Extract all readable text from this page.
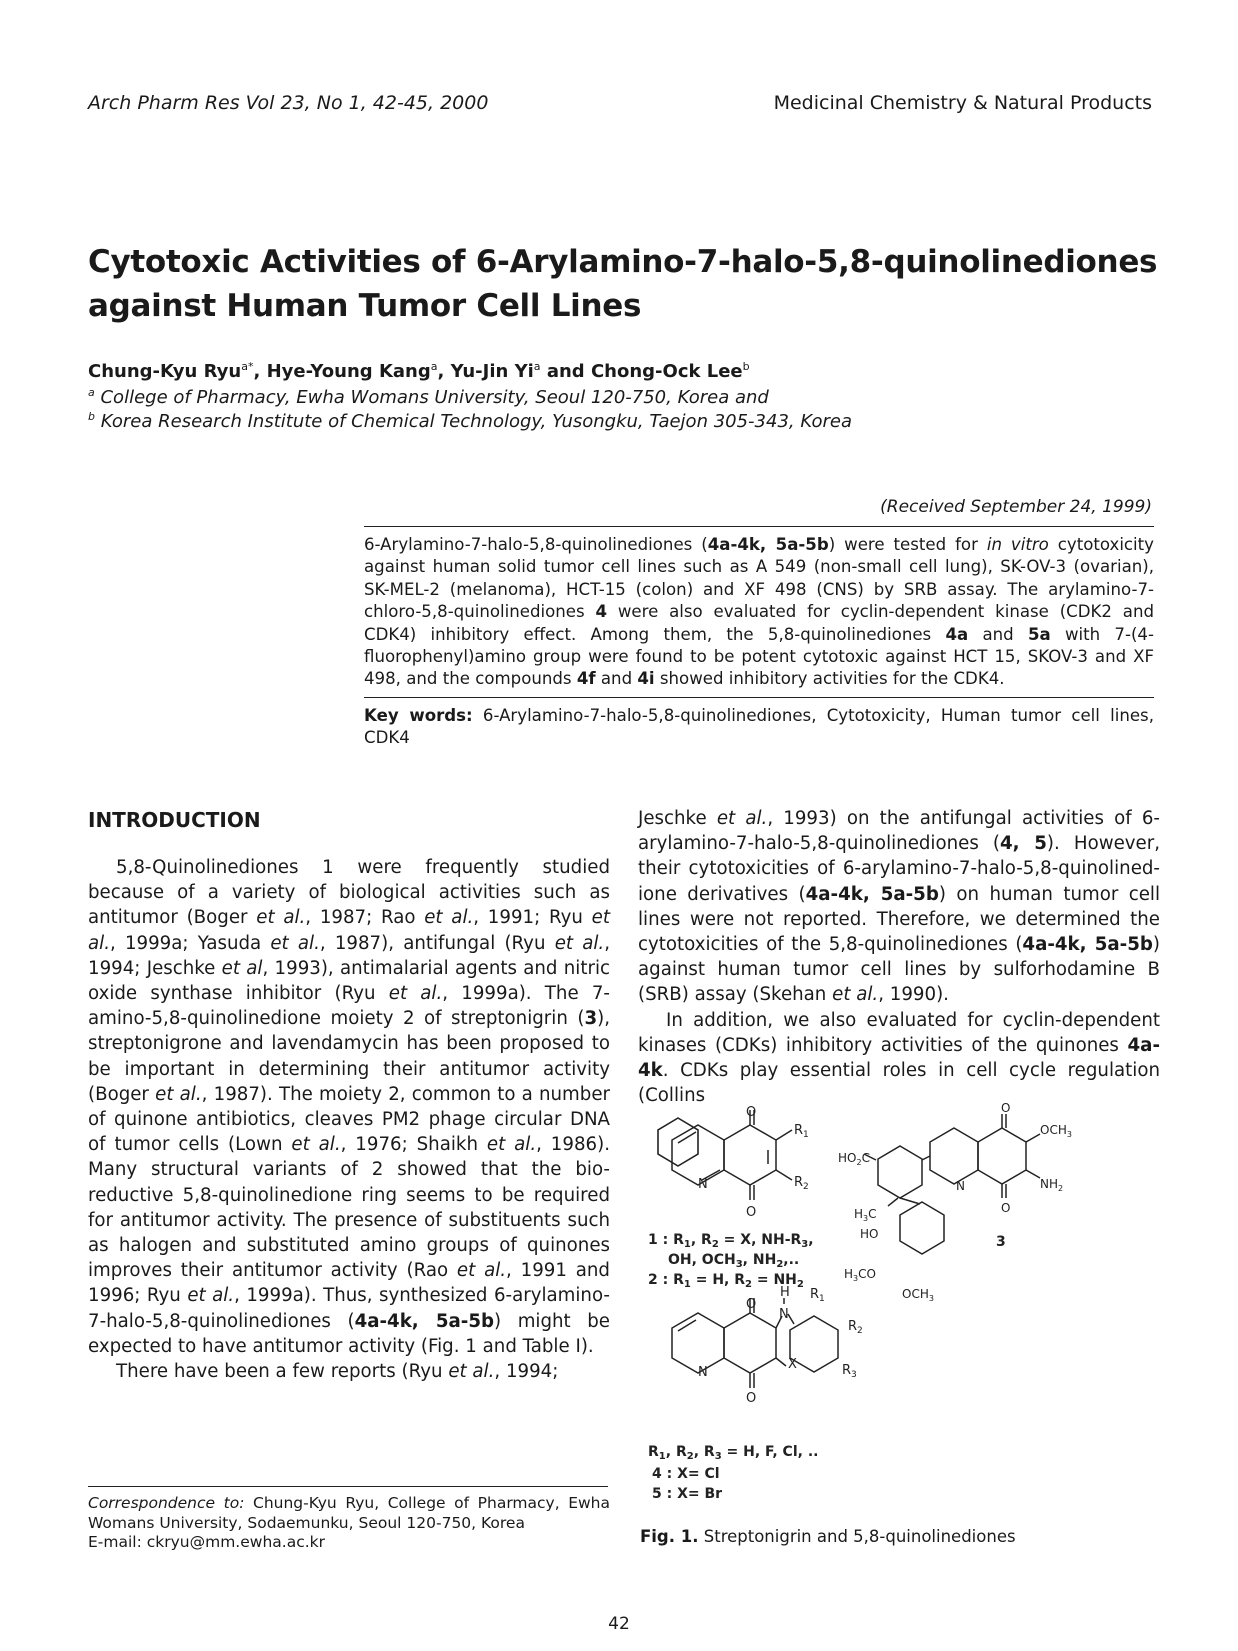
Arch Pharm Res Vol 23, No 1, 42-45, 2000	Medicinal Chemistry & Natural Products
Cytotoxic Activities of 6-Arylamino-7-halo-5,8-quinolinediones
against Human Tumor Cell Lines
Chung-Kyu Ryu$^{a*}$, Hye-Young Kang$^a$, Yu-Jin Yi$^a$ and Chong-Ock Lee$^b$
$^a$ College of Pharmacy, Ewha Womans University, Seoul 120-750, Korea and
$^b$ Korea Research Institute of Chemical Technology, Yusongku, Taejon 305-343, Korea
(Received September 24, 1999)
6-Arylamino-7-halo-5,8-quinolinediones (4a-4k, 5a-5b) were tested for in vitro cytotoxicity against human solid tumor cell lines such as A 549 (non-small cell lung), SK-OV-3 (ovarian), SK-MEL-2 (melanoma), HCT-15 (colon) and XF 498 (CNS) by SRB assay. The arylamino-7-chloro-5,8-quinolinediones 4 were also evaluated for cyclin-dependent kinase (CDK2 and CDK4) inhibitory effect. Among them, the 5,8-quinolinediones 4a and 5a with 7-(4-fluorophenyl)amino group were found to be potent cytotoxic against HCT 15, SKOV-3 and XF 498, and the compounds 4f and 4i showed inhibitory activities for the CDK4.
Key words: 6-Arylamino-7-halo-5,8-quinolinediones, Cytotoxicity, Human tumor cell lines, CDK4
INTRODUCTION

5,8-Quinolinediones 1 were frequently studied because of a variety of biological activities such as antitumor (Boger et al., 1987; Rao et al., 1991; Ryu et al., 1999a; Yasuda et al., 1987), antifungal (Ryu et al., 1994; Jeschke et al, 1993), antimalarial agents and nitric oxide synthase inhibitor (Ryu et al., 1999a). The 7-amino-5,8-quinolinedione moiety 2 of streptonigrin (3), streptonigrone and lavendamycin has been proposed to be important in determining their antitumor activity (Boger et al., 1987). The moiety 2, common to a number of quinone antibiotics, cleaves PM2 phage circular DNA of tumor cells (Lown et al., 1976; Shaikh et al., 1986). Many structural variants of 2 showed that the bio-reductive 5,8-quinolinedione ring seems to be required for antitumor activity. The presence of substituents such as halogen and substituted amino groups of quinones improves their antitumor activity (Rao et al., 1991 and 1996; Ryu et al., 1999a). Thus, synthesized 6-arylamino-7-halo-5,8-quinolinediones (4a-4k, 5a-5b) might be expected to have antitumor activity (Fig. 1 and Table I).

There have been a few reports (Ryu et al., 1994;

Jeschke et al., 1993) on the antifungal activities of 6-arylamino-7-halo-5,8-quinolinediones (4, 5). However, their cytotoxicities of 6-arylamino-7-halo-5,8-quinolined-ione derivatives (4a-4k, 5a-5b) on human tumor cell lines were not reported. Therefore, we determined the cytotoxicities of the 5,8-quinolinediones (4a-4k, 5a-5b) against human tumor cell lines by sulforhodamine B (SRB) assay (Skehan et al., 1990).

In addition, we also evaluated for cyclin-dependent kinases (CDKs) inhibitory activities of the quinones 4a-4k. CDKs play essential roles in cell cycle regulation (Collins

O
O
N
$R_1$
$R_2$
1 : $R_1$, $R_2 = X$, $NH-R_3$,
OH, $OCH_3$, $NH_2$,..
2 : $R_1 = H$, $R_2 = NH_2$
O
O
N
$OCH_3$
$NH_2$
$HO_2C$
$H_3C$
HO
$H_3CO$
$OCH_3$
3
O
O
N
H
N
X
$R_1$
$R_2$
$R_3$
$R_1$, $R_2$, $R_3 = H$, F, Cl, ..
4 : X= Cl
5 : X= Br
Fig. 1. Streptonigrin and 5,8-quinolinediones
Correspondence to: Chung-Kyu Ryu, College of Pharmacy, Ewha Womans University, Sodaemunku, Seoul 120-750, Korea
E-mail: ckryu@mm.ewha.ac.kr
42
